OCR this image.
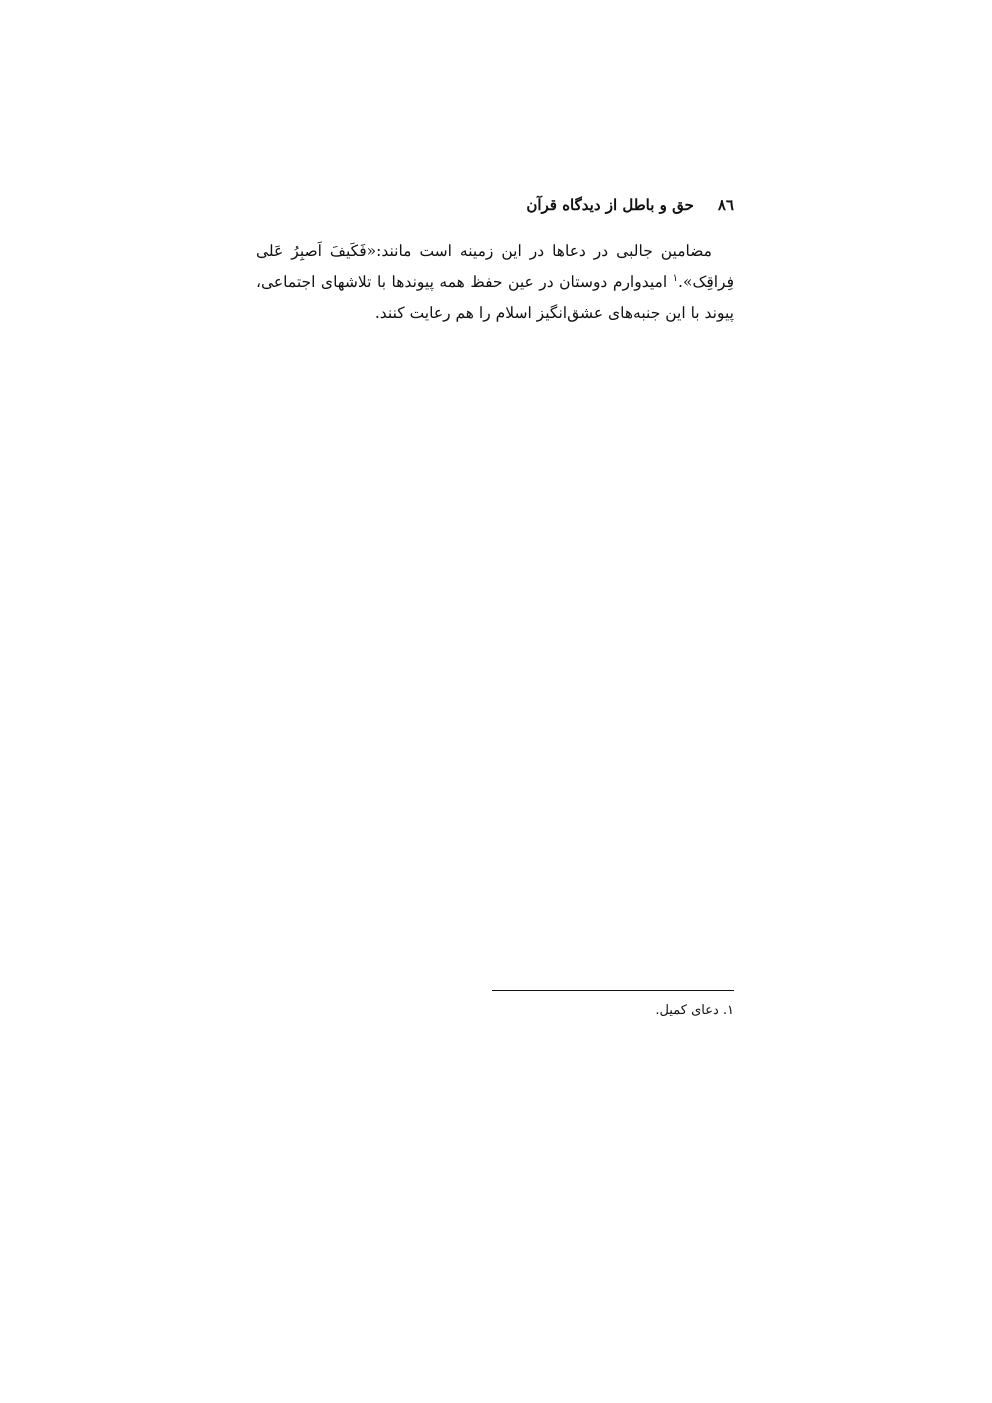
۸٦
حق و باطل از دیدگاه قرآن

مضامین جالبی در دعاها در این زمینه است مانند:«فَکَیفَ اَصبِرُ عَلی فِراقِک».$^۱$ امیدوارم دوستان در عین حفظ همه پیوندها با تلاشهای اجتماعی، پیوند با این جنبه‌های عشق‌انگیز اسلام را هم رعایت کنند.

۱. دعای کمیل.
